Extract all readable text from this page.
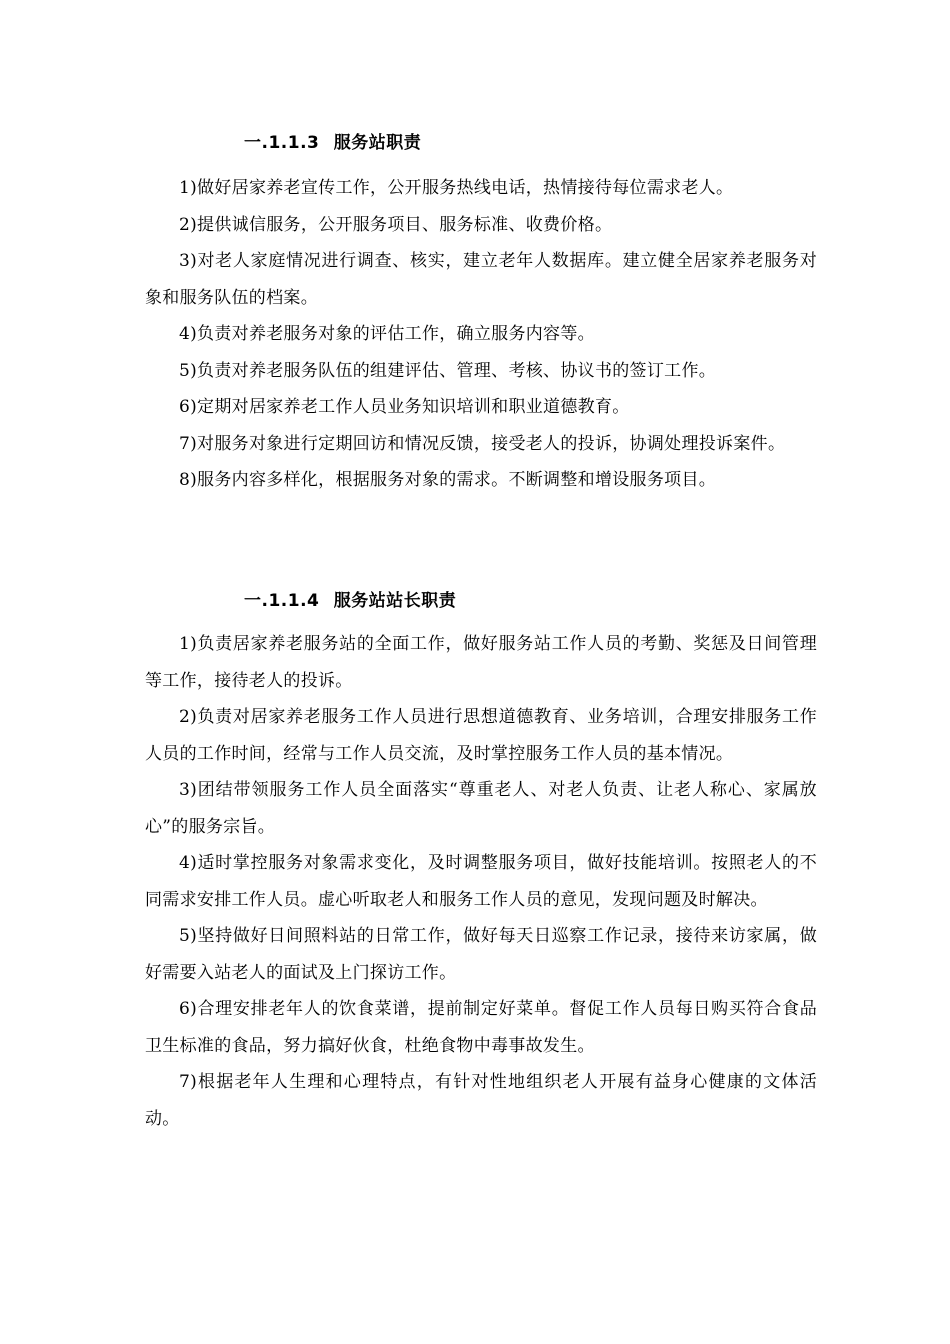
一.1.1.3 服务站职责

1)做好居家养老宣传工作，公开服务热线电话，热情接待每位需求老人。

2)提供诚信服务，公开服务项目、服务标准、收费价格。

3)对老人家庭情况进行调查、核实，建立老年人数据库。建立健全居家养老服务对象和服务队伍的档案。

4)负责对养老服务对象的评估工作，确立服务内容等。

5)负责对养老服务队伍的组建评估、管理、考核、协议书的签订工作。

6)定期对居家养老工作人员业务知识培训和职业道德教育。

7)对服务对象进行定期回访和情况反馈，接受老人的投诉，协调处理投诉案件。

8)服务内容多样化，根据服务对象的需求。不断调整和增设服务项目。

一.1.1.4 服务站站长职责

1)负责居家养老服务站的全面工作，做好服务站工作人员的考勤、奖惩及日间管理等工作，接待老人的投诉。

2)负责对居家养老服务工作人员进行思想道德教育、业务培训，合理安排服务工作人员的工作时间，经常与工作人员交流，及时掌控服务工作人员的基本情况。

3)团结带领服务工作人员全面落实“尊重老人、对老人负责、让老人称心、家属放心”的服务宗旨。

4)适时掌控服务对象需求变化，及时调整服务项目，做好技能培训。按照老人的不同需求安排工作人员。虚心听取老人和服务工作人员的意见，发现问题及时解决。

5)坚持做好日间照料站的日常工作，做好每天日巡察工作记录，接待来访家属，做好需要入站老人的面试及上门探访工作。

6)合理安排老年人的饮食菜谱，提前制定好菜单。督促工作人员每日购买符合食品卫生标准的食品，努力搞好伙食，杜绝食物中毒事故发生。

7)根据老年人生理和心理特点，有针对性地组织老人开展有益身心健康的文体活动。
